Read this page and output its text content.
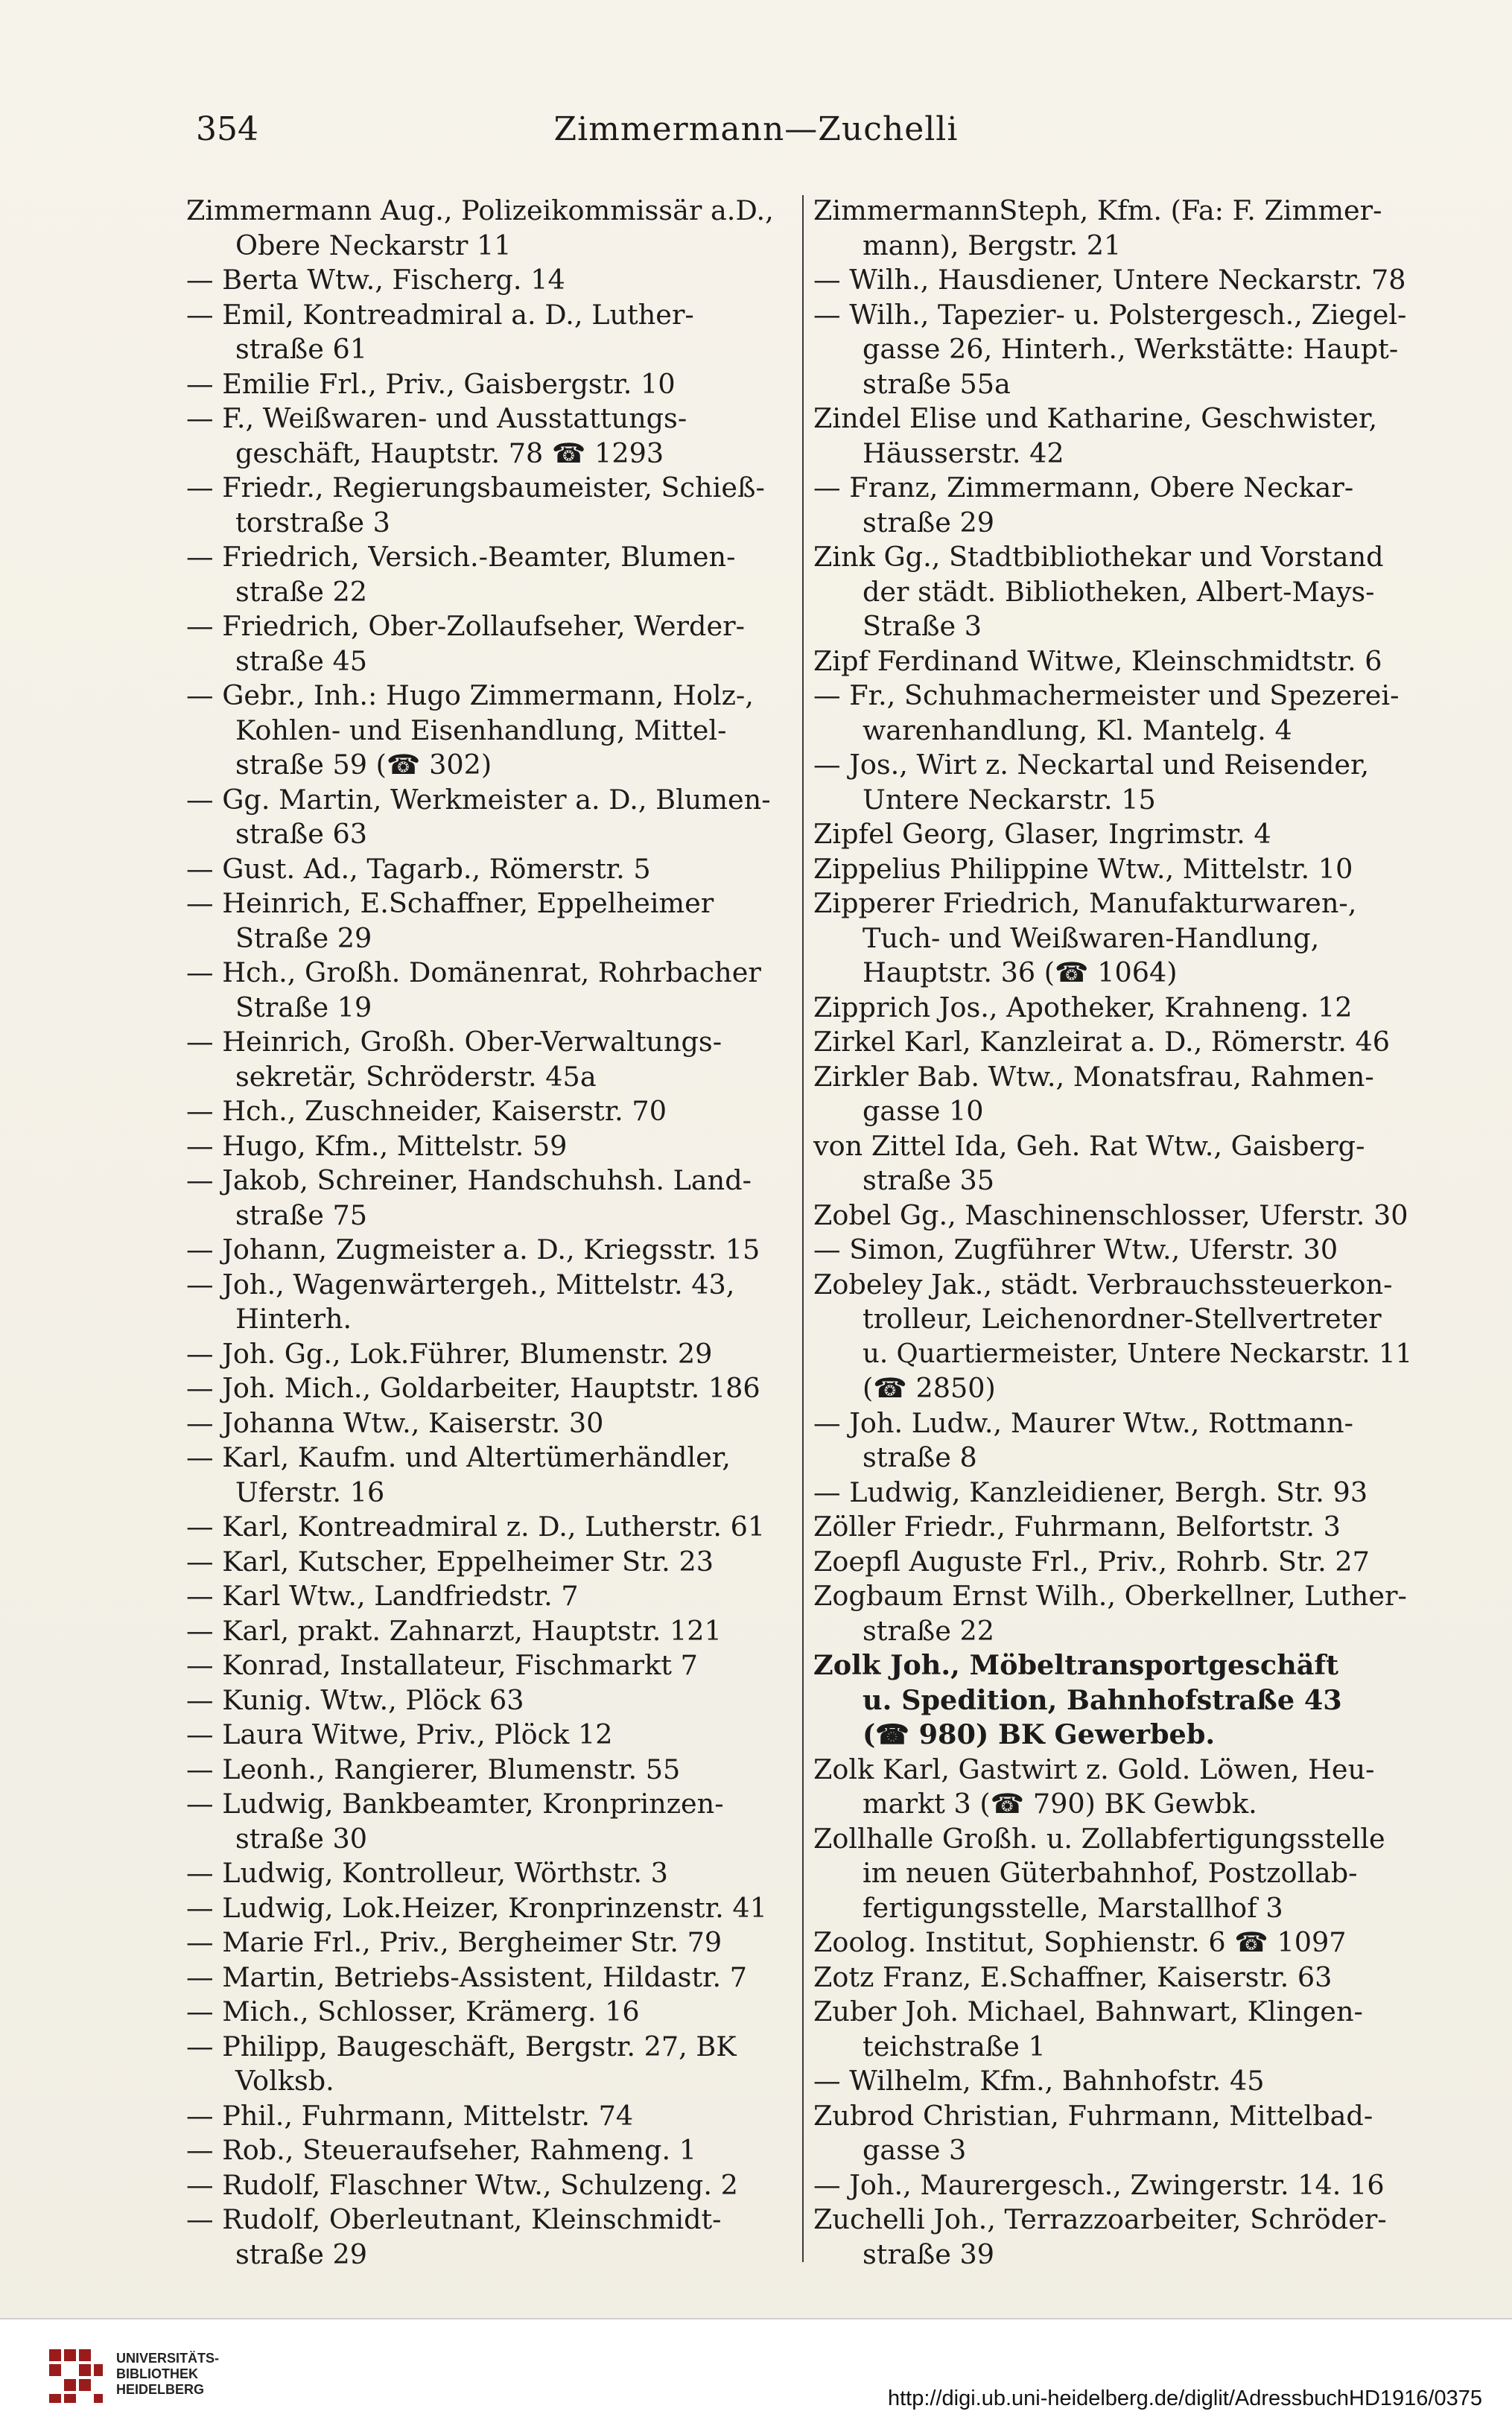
354	Zimmermann—Zuchelli
Zimmermann Aug., Polizeikommissär a.D.,
Obere Neckarstr 11
— Berta Wtw., Fischerg. 14
— Emil, Kontreadmiral a. D., Luther-
straße 61
— Emilie Frl., Priv., Gaisbergstr. 10
— F., Weißwaren- und Ausstattungs-
geschäft, Hauptstr. 78 ☎ 1293
— Friedr., Regierungsbaumeister, Schieß-
torstraße 3
— Friedrich, Versich.-Beamter, Blumen-
straße 22
— Friedrich, Ober-Zollaufseher, Werder-
straße 45
— Gebr., Inh.: Hugo Zimmermann, Holz-,
Kohlen- und Eisenhandlung, Mittel-
straße 59 (☎ 302)
— Gg. Martin, Werkmeister a. D., Blumen-
straße 63
— Gust. Ad., Tagarb., Römerstr. 5
— Heinrich, E.Schaffner, Eppelheimer
Straße 29
— Hch., Großh. Domänenrat, Rohrbacher
Straße 19
— Heinrich, Großh. Ober-Verwaltungs-
sekretär, Schröderstr. 45a
— Hch., Zuschneider, Kaiserstr. 70
— Hugo, Kfm., Mittelstr. 59
— Jakob, Schreiner, Handschuhsh. Land-
straße 75
— Johann, Zugmeister a. D., Kriegsstr. 15
— Joh., Wagenwärtergeh., Mittelstr. 43,
Hinterh.
— Joh. Gg., Lok.Führer, Blumenstr. 29
— Joh. Mich., Goldarbeiter, Hauptstr. 186
— Johanna Wtw., Kaiserstr. 30
— Karl, Kaufm. und Altertümerhändler,
Uferstr. 16
— Karl, Kontreadmiral z. D., Lutherstr. 61
— Karl, Kutscher, Eppelheimer Str. 23
— Karl Wtw., Landfriedstr. 7
— Karl, prakt. Zahnarzt, Hauptstr. 121
— Konrad, Installateur, Fischmarkt 7
— Kunig. Wtw., Plöck 63
— Laura Witwe, Priv., Plöck 12
— Leonh., Rangierer, Blumenstr. 55
— Ludwig, Bankbeamter, Kronprinzen-
straße 30
— Ludwig, Kontrolleur, Wörthstr. 3
— Ludwig, Lok.Heizer, Kronprinzenstr. 41
— Marie Frl., Priv., Bergheimer Str. 79
— Martin, Betriebs-Assistent, Hildastr. 7
— Mich., Schlosser, Krämerg. 16
— Philipp, Baugeschäft, Bergstr. 27, BK
Volksb.
— Phil., Fuhrmann, Mittelstr. 74
— Rob., Steueraufseher, Rahmeng. 1
— Rudolf, Flaschner Wtw., Schulzeng. 2
— Rudolf, Oberleutnant, Kleinschmidt-
straße 29
ZimmermannSteph, Kfm. (Fa: F. Zimmer-
mann), Bergstr. 21
— Wilh., Hausdiener, Untere Neckarstr. 78
— Wilh., Tapezier- u. Polstergesch., Ziegel-
gasse 26, Hinterh., Werkstätte: Haupt-
straße 55a
Zindel Elise und Katharine, Geschwister,
Häusserstr. 42
— Franz, Zimmermann, Obere Neckar-
straße 29
Zink Gg., Stadtbibliothekar und Vorstand
der städt. Bibliotheken, Albert-Mays-
Straße 3
Zipf Ferdinand Witwe, Kleinschmidtstr. 6
— Fr., Schuhmachermeister und Spezerei-
warenhandlung, Kl. Mantelg. 4
— Jos., Wirt z. Neckartal und Reisender,
Untere Neckarstr. 15
Zipfel Georg, Glaser, Ingrimstr. 4
Zippelius Philippine Wtw., Mittelstr. 10
Zipperer Friedrich, Manufakturwaren-,
Tuch- und Weißwaren-Handlung,
Hauptstr. 36 (☎ 1064)
Zipprich Jos., Apotheker, Krahneng. 12
Zirkel Karl, Kanzleirat a. D., Römerstr. 46
Zirkler Bab. Wtw., Monatsfrau, Rahmen-
gasse 10
von Zittel Ida, Geh. Rat Wtw., Gaisberg-
straße 35
Zobel Gg., Maschinenschlosser, Uferstr. 30
— Simon, Zugführer Wtw., Uferstr. 30
Zobeley Jak., städt. Verbrauchssteuerkon-
trolleur, Leichenordner-Stellvertreter
u. Quartiermeister, Untere Neckarstr. 11
(☎ 2850)
— Joh. Ludw., Maurer Wtw., Rottmann-
straße 8
— Ludwig, Kanzleidiener, Bergh. Str. 93
Zöller Friedr., Fuhrmann, Belfortstr. 3
Zoepfl Auguste Frl., Priv., Rohrb. Str. 27
Zogbaum Ernst Wilh., Oberkellner, Luther-
straße 22
Zolk Joh., Möbeltransportgeschäft
u. Spedition, Bahnhofstraße 43
(☎ 980) BK Gewerbeb.
Zolk Karl, Gastwirt z. Gold. Löwen, Heu-
markt 3 (☎ 790) BK Gewbk.
Zollhalle Großh. u. Zollabfertigungsstelle
im neuen Güterbahnhof, Postzollab-
fertigungsstelle, Marstallhof 3
Zoolog. Institut, Sophienstr. 6 ☎ 1097
Zotz Franz, E.Schaffner, Kaiserstr. 63
Zuber Joh. Michael, Bahnwart, Klingen-
teichstraße 1
— Wilhelm, Kfm., Bahnhofstr. 45
Zubrod Christian, Fuhrmann, Mittelbad-
gasse 3
— Joh., Maurergesch., Zwingerstr. 14. 16
Zuchelli Joh., Terrazzoarbeiter, Schröder-
straße 39
UNIVERSITÄTS-
BIBLIOTHEK
HEIDELBERG	http://digi.ub.uni-heidelberg.de/diglit/AdressbuchHD1916/0375
